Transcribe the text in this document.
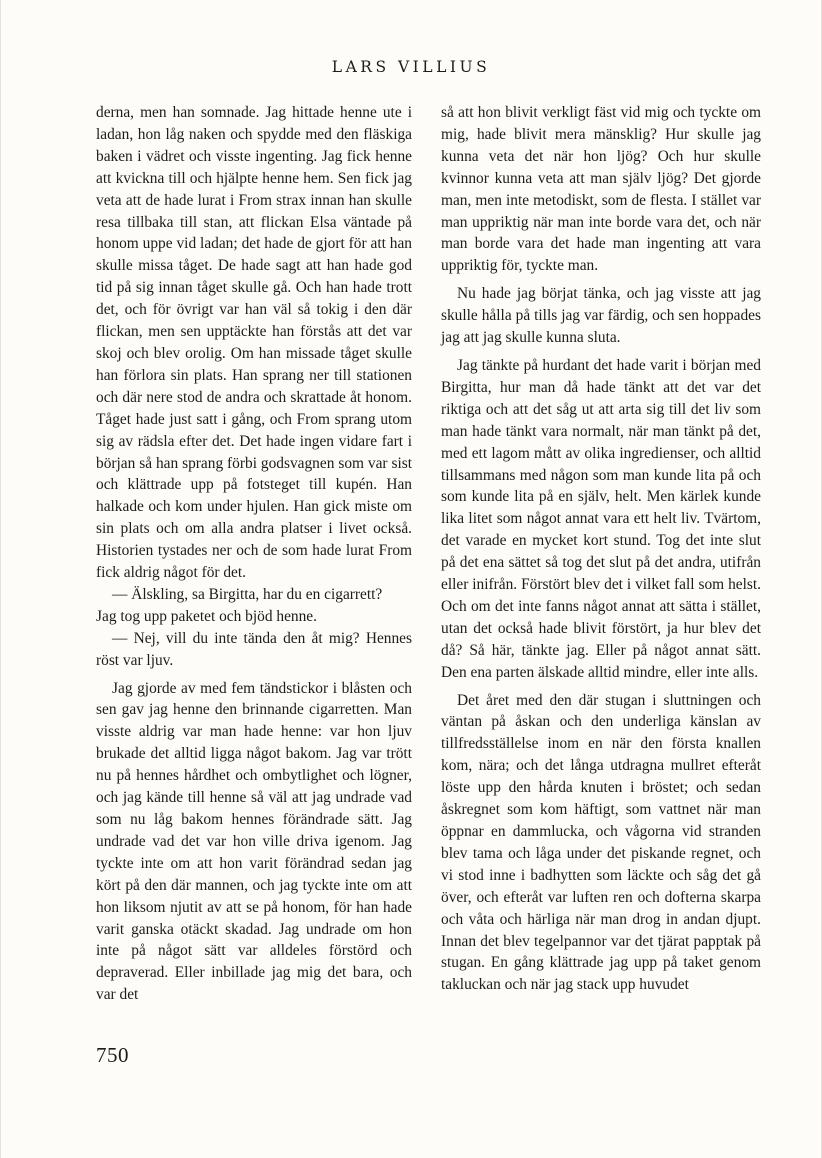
LARS VILLIUS

derna, men han somnade. Jag hittade henne ute i ladan, hon låg naken och spydde med den fläskiga baken i vädret och visste ingenting. Jag fick henne att kvickna till och hjälpte henne hem. Sen fick jag veta att de hade lurat i From strax innan han skulle resa tillbaka till stan, att flickan Elsa väntade på honom uppe vid ladan; det hade de gjort för att han skulle missa tåget. De hade sagt att han hade god tid på sig innan tåget skulle gå. Och han hade trott det, och för övrigt var han väl så tokig i den där flickan, men sen upptäckte han förstås att det var skoj och blev orolig. Om han missade tåget skulle han förlora sin plats. Han sprang ner till stationen och där nere stod de andra och skrattade åt honom. Tåget hade just satt i gång, och From sprang utom sig av rädsla efter det. Det hade ingen vidare fart i början så han sprang förbi godsvagnen som var sist och klättrade upp på fotsteget till kupén. Han halkade och kom under hjulen. Han gick miste om sin plats och om alla andra platser i livet också. Historien tystades ner och de som hade lurat From fick aldrig något för det.

— Älskling, sa Birgitta, har du en cigarrett?

Jag tog upp paketet och bjöd henne.

— Nej, vill du inte tända den åt mig? Hennes röst var ljuv.

Jag gjorde av med fem tändstickor i blåsten och sen gav jag henne den brinnande cigarretten. Man visste aldrig var man hade henne: var hon ljuv brukade det alltid ligga något bakom. Jag var trött nu på hennes hårdhet och ombytlighet och lögner, och jag kände till henne så väl att jag undrade vad som nu låg bakom hennes förändrade sätt. Jag undrade vad det var hon ville driva igenom. Jag tyckte inte om att hon varit förändrad sedan jag kört på den där mannen, och jag tyckte inte om att hon liksom njutit av att se på honom, för han hade varit ganska otäckt skadad. Jag undrade om hon inte på något sätt var alldeles förstörd och depraverad. Eller inbillade jag mig det bara, och var det

så att hon blivit verkligt fäst vid mig och tyckte om mig, hade blivit mera mänsklig? Hur skulle jag kunna veta det när hon ljög? Och hur skulle kvinnor kunna veta att man själv ljög? Det gjorde man, men inte metodiskt, som de flesta. I stället var man uppriktig när man inte borde vara det, och när man borde vara det hade man ingenting att vara uppriktig för, tyckte man.

Nu hade jag börjat tänka, och jag visste att jag skulle hålla på tills jag var färdig, och sen hoppades jag att jag skulle kunna sluta.

Jag tänkte på hurdant det hade varit i början med Birgitta, hur man då hade tänkt att det var det riktiga och att det såg ut att arta sig till det liv som man hade tänkt vara normalt, när man tänkt på det, med ett lagom mått av olika ingredienser, och alltid tillsammans med någon som man kunde lita på och som kunde lita på en själv, helt. Men kärlek kunde lika litet som något annat vara ett helt liv. Tvärtom, det varade en mycket kort stund. Tog det inte slut på det ena sättet så tog det slut på det andra, utifrån eller inifrån. Förstört blev det i vilket fall som helst. Och om det inte fanns något annat att sätta i stället, utan det också hade blivit förstört, ja hur blev det då? Så här, tänkte jag. Eller på något annat sätt. Den ena parten älskade alltid mindre, eller inte alls.

Det året med den där stugan i sluttningen och väntan på åskan och den underliga känslan av tillfredsställelse inom en när den första knallen kom, nära; och det långa utdragna mullret efteråt löste upp den hårda knuten i bröstet; och sedan åskregnet som kom häftigt, som vattnet när man öppnar en dammlucka, och vågorna vid stranden blev tama och låga under det piskande regnet, och vi stod inne i badhytten som läckte och såg det gå över, och efteråt var luften ren och dofterna skarpa och våta och härliga när man drog in andan djupt. Innan det blev tegelpannor var det tjärat papptak på stugan. En gång klättrade jag upp på taket genom takluckan och när jag stack upp huvudet

750
